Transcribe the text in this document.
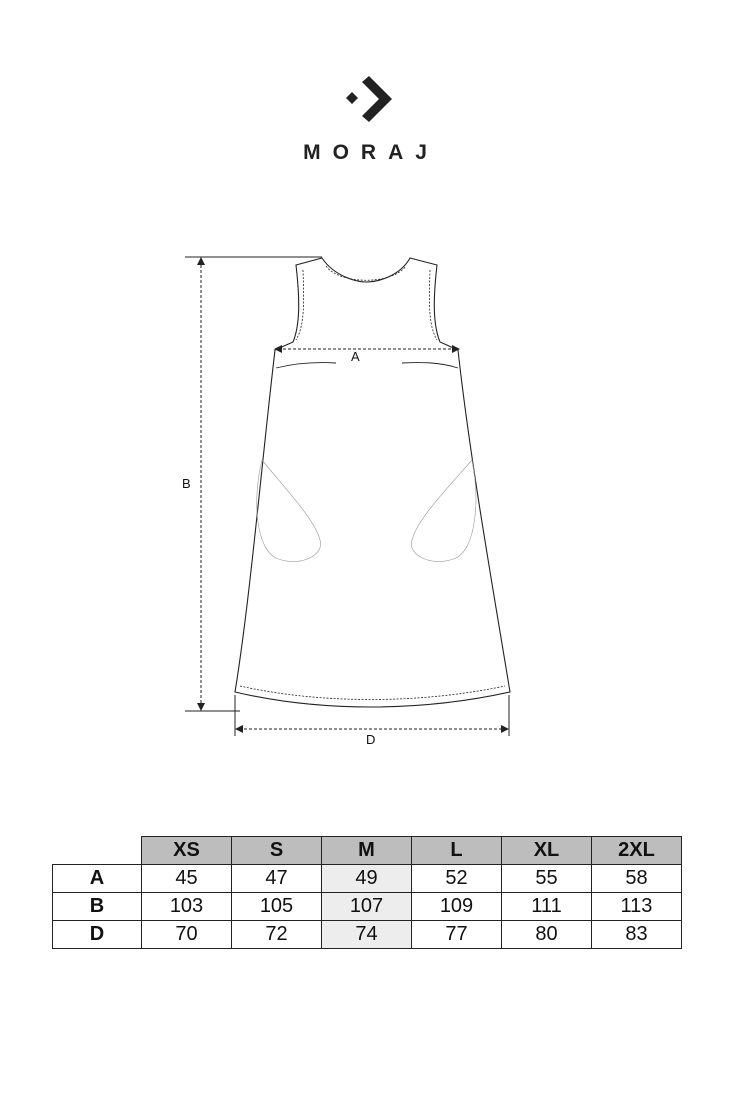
MORAJ
A
B
D
	XS	S	M	L	XL	2XL
A	45	47	49	52	55	58
B	103	105	107	109	111	113
D	70	72	74	77	80	83
